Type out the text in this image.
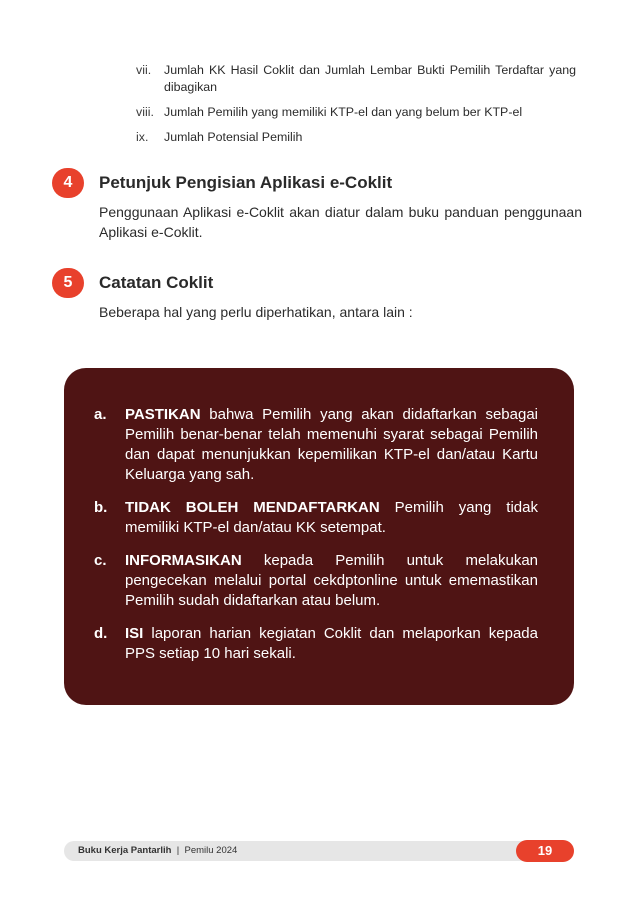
vii.	Jumlah KK Hasil Coklit dan Jumlah Lembar Bukti Pemilih Terdaftar yang dibagikan
viii. Jumlah Pemilih yang memiliki KTP-el dan yang belum ber KTP-el
ix.	Jumlah Potensial Pemilih
4	Petunjuk Pengisian Aplikasi e-Coklit
Penggunaan Aplikasi e-Coklit akan diatur dalam buku panduan penggunaan Aplikasi e-Coklit.
5	Catatan Coklit
Beberapa hal yang perlu diperhatikan, antara lain :
a.	PASTIKAN bahwa Pemilih yang akan didaftarkan sebagai Pemilih benar-benar telah memenuhi syarat sebagai Pemilih dan dapat menunjukkan kepemilikan KTP-el dan/atau Kartu Keluarga yang sah.
b.	TIDAK BOLEH MENDAFTARKAN Pemilih yang tidak memiliki KTP-el dan/atau KK setempat.
c.	INFORMASIKAN kepada Pemilih untuk melakukan pengecekan melalui portal cekdptonline untuk ememastikan Pemilih sudah didaftarkan atau belum.
d.	ISI laporan harian kegiatan Coklit dan melaporkan kepada PPS setiap 10 hari sekali.
Buku Kerja Pantarlih | Pemilu 2024	19
